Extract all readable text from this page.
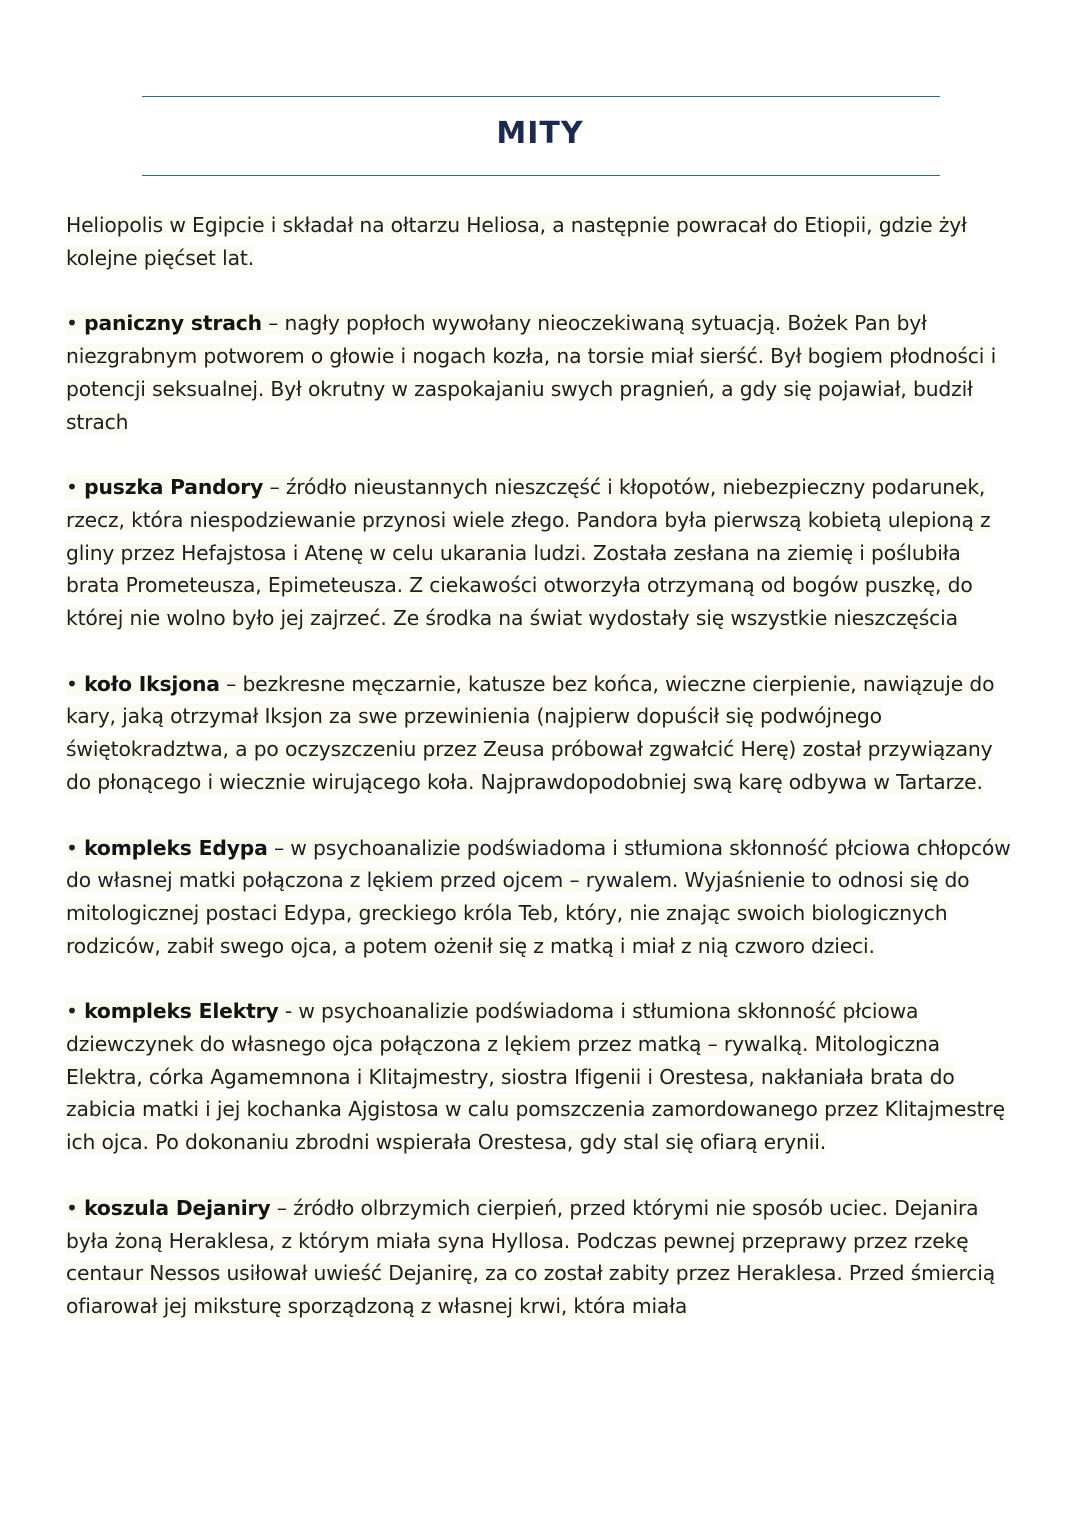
MITY

Heliopolis w Egipcie i składał na ołtarzu Heliosa, a następnie powracał do Etiopii, gdzie żył kolejne pięćset lat.

• paniczny strach – nagły popłoch wywołany nieoczekiwaną sytuacją. Bożek Pan był niezgrabnym potworem o głowie i nogach kozła, na torsie miał sierść. Był bogiem płodności i potencji seksualnej. Był okrutny w zaspokajaniu swych pragnień, a gdy się pojawiał, budził strach

• puszka Pandory – źródło nieustannych nieszczęść i kłopotów, niebezpieczny podarunek, rzecz, która niespodziewanie przynosi wiele złego. Pandora była pierwszą kobietą ulepioną z gliny przez Hefajstosa i Atenę w celu ukarania ludzi. Została zesłana na ziemię i poślubiła brata Prometeusza, Epimeteusza. Z ciekawości otworzyła otrzymaną od bogów puszkę, do której nie wolno było jej zajrzeć. Ze środka na świat wydostały się wszystkie nieszczęścia

• koło Iksjona – bezkresne męczarnie, katusze bez końca, wieczne cierpienie, nawiązuje do kary, jaką otrzymał Iksjon za swe przewinienia (najpierw dopuścił się podwójnego świętokradztwa, a po oczyszczeniu przez Zeusa próbował zgwałcić Herę) został przywiązany do płonącego i wiecznie wirującego koła. Najprawdopodobniej swą karę odbywa w Tartarze.

• kompleks Edypa – w psychoanalizie podświadoma i stłumiona skłonność płciowa chłopców do własnej matki połączona z lękiem przed ojcem – rywalem. Wyjaśnienie to odnosi się do mitologicznej postaci Edypa, greckiego króla Teb, który, nie znając swoich biologicznych rodziców, zabił swego ojca, a potem ożenił się z matką i miał z nią czworo dzieci.

• kompleks Elektry - w psychoanalizie podświadoma i stłumiona skłonność płciowa dziewczynek do własnego ojca połączona z lękiem przez matką – rywalką. Mitologiczna Elektra, córka Agamemnona i Klitajmestry, siostra Ifigenii i Orestesa, nakłaniała brata do zabicia matki i jej kochanka Ajgistosa w calu pomszczenia zamordowanego przez Klitajmestrę ich ojca. Po dokonaniu zbrodni wspierała Orestesa, gdy stal się ofiarą erynii.

• koszula Dejaniry – źródło olbrzymich cierpień, przed którymi nie sposób uciec. Dejanira była żoną Heraklesa, z którym miała syna Hyllosa. Podczas pewnej przeprawy przez rzekę centaur Nessos usiłował uwieść Dejanirę, za co został zabity przez Heraklesa. Przed śmiercią ofiarował jej miksturę sporządzoną z własnej krwi, która miała
